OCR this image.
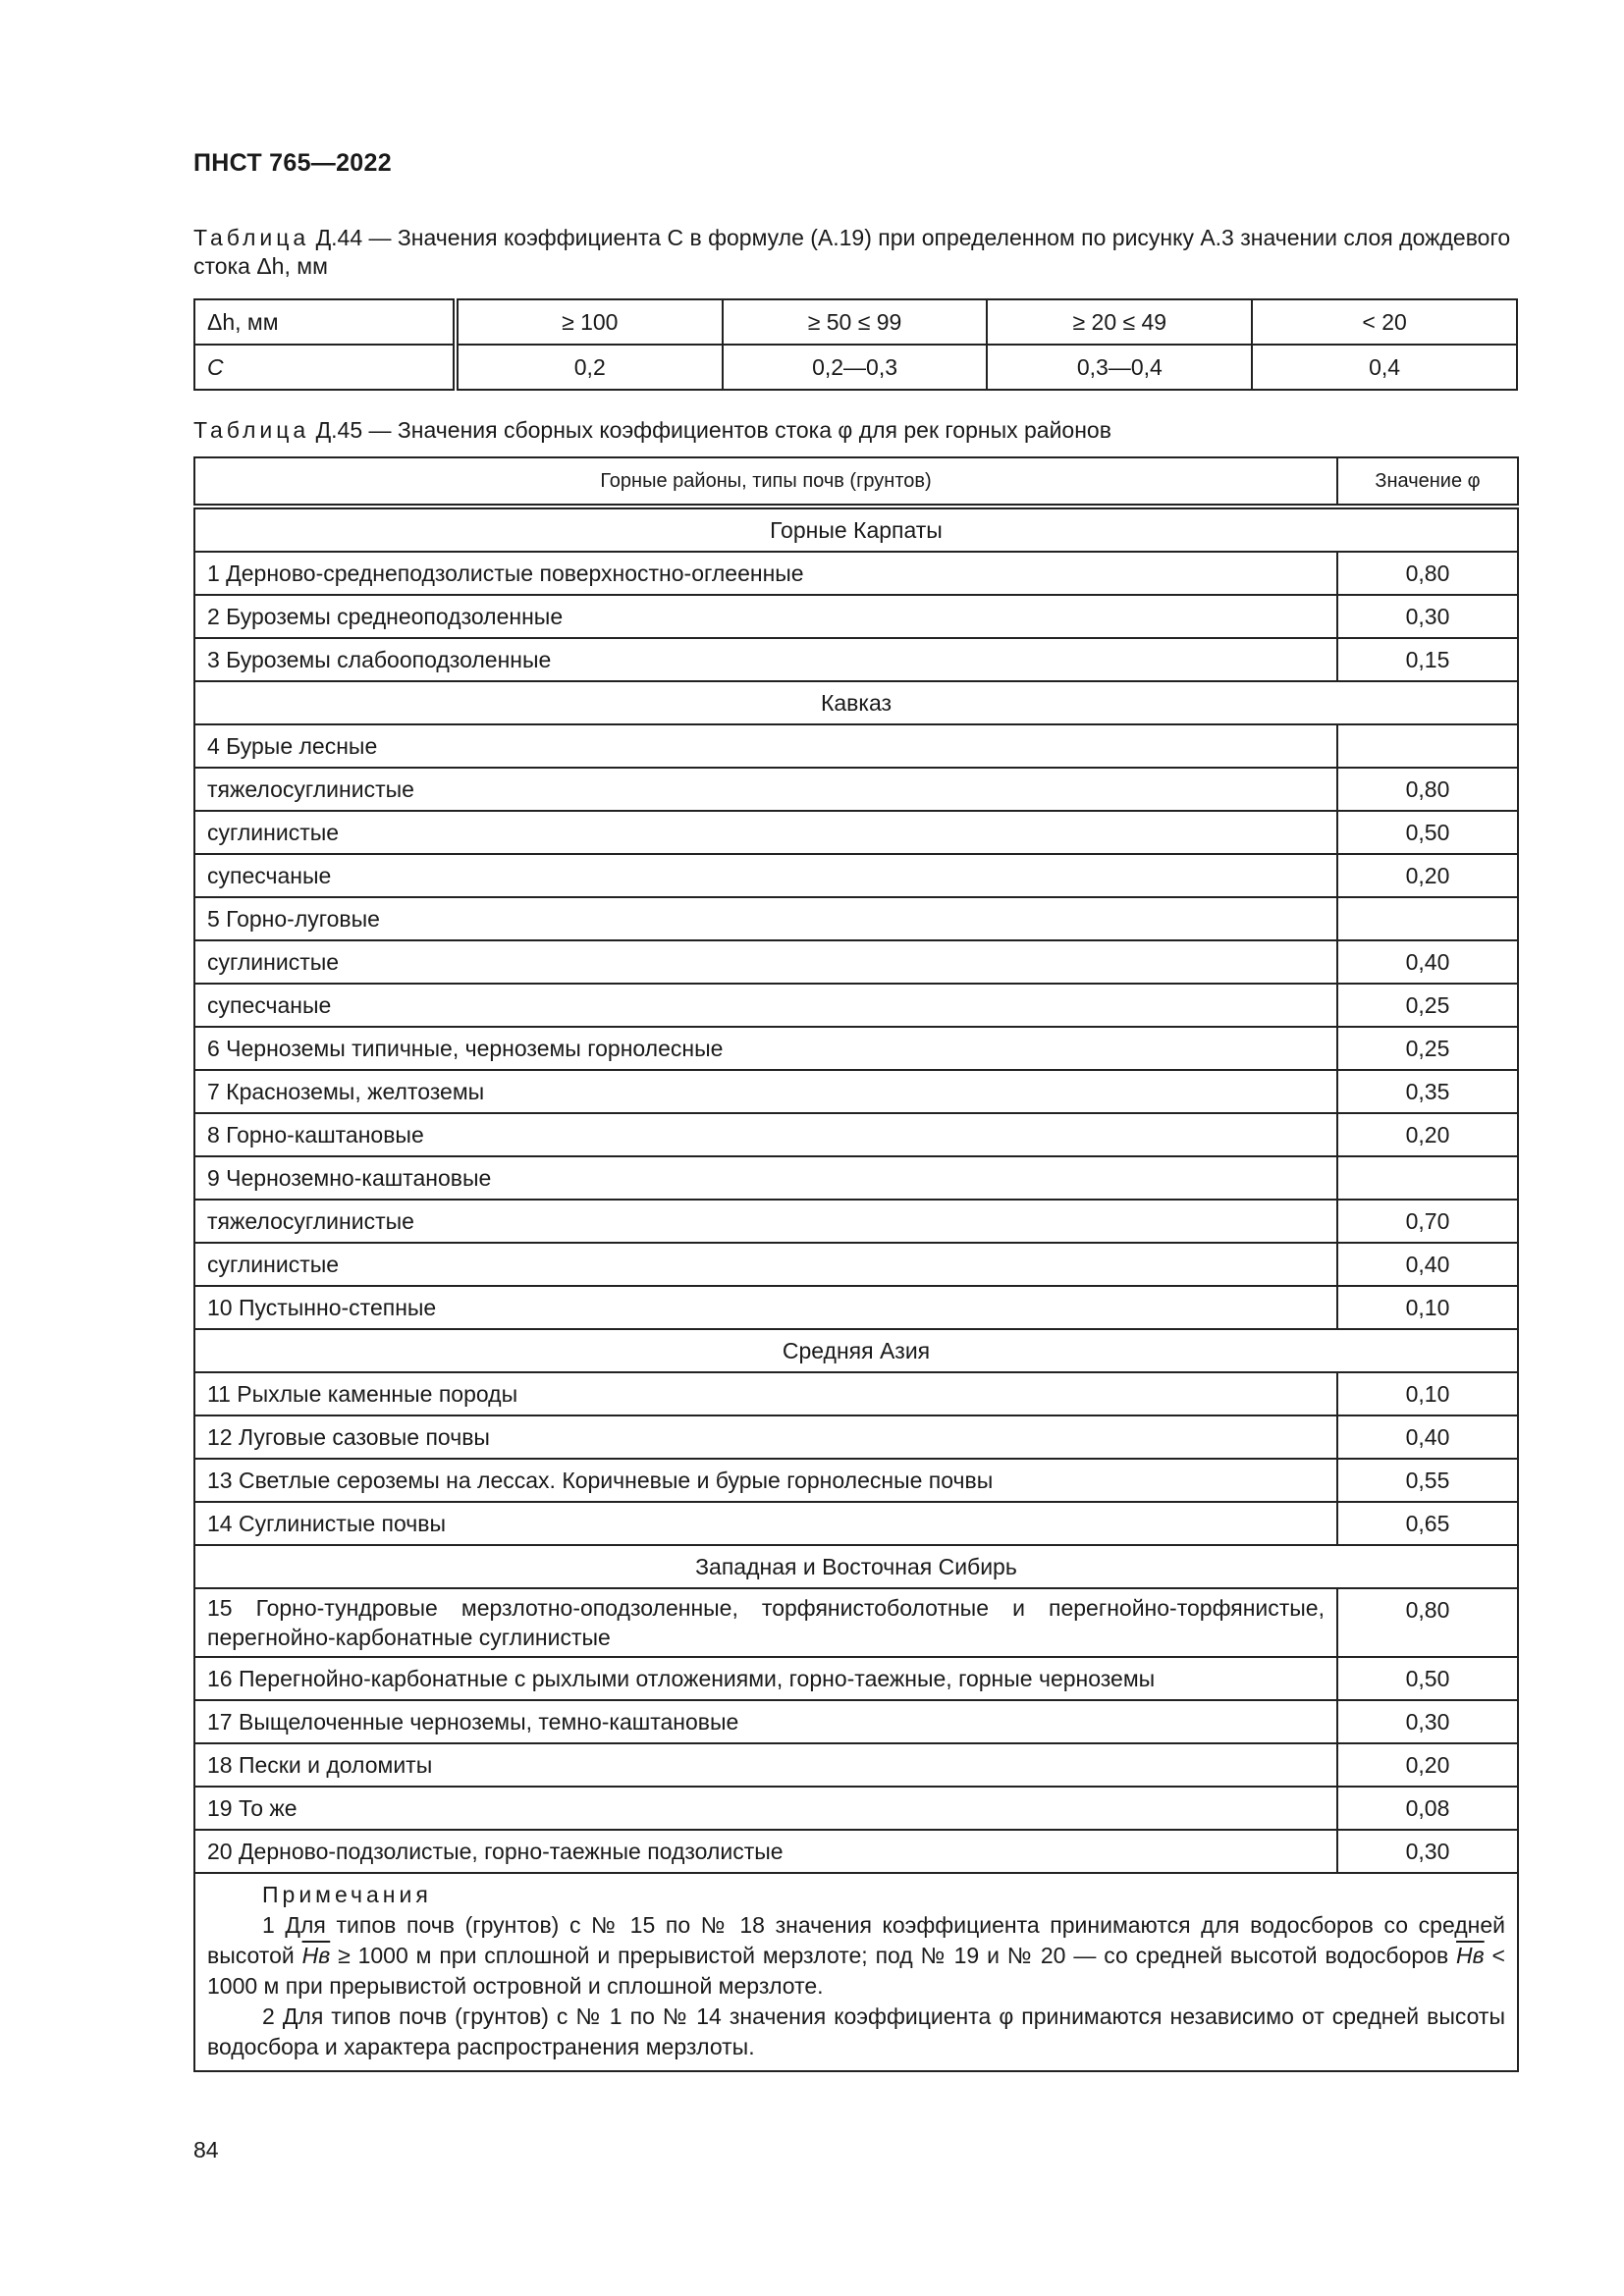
ПНСТ 765—2022
Таблица Д.44 — Значения коэффициента C в формуле (А.19) при определенном по рисунку А.3 значении слоя дождевого стока Δh, мм
Δh, мм	≥ 100	≥ 50 ≤ 99	≥ 20 ≤ 49	< 20
C	0,2	0,2—0,3	0,3—0,4	0,4
Таблица Д.45 — Значения сборных коэффициентов стока φ для рек горных районов
Горные районы, типы почв (грунтов)	Значение φ
Горные Карпаты	
1 Дерново-среднеподзолистые поверхностно-оглеенные	0,80
2 Буроземы среднеоподзоленные	0,30
3 Буроземы слабооподзоленные	0,15
Кавказ	
4 Бурые лесные	
тяжелосуглинистые	0,80
суглинистые	0,50
супесчаные	0,20
5 Горно-луговые	
суглинистые	0,40
супесчаные	0,25
6 Черноземы типичные, черноземы горнолесные	0,25
7 Красноземы, желтоземы	0,35
8 Горно-каштановые	0,20
9 Черноземно-каштановые	
тяжелосуглинистые	0,70
суглинистые	0,40
10 Пустынно-степные	0,10
Средняя Азия	
11 Рыхлые каменные породы	0,10
12 Луговые сазовые почвы	0,40
13 Светлые сероземы на лессах. Коричневые и бурые горнолесные почвы	0,55
14 Суглинистые почвы	0,65
Западная и Восточная Сибирь	
15 Горно-тундровые мерзлотно-оподзоленные, торфянистоболотные и перегнойно-торфянистые, перегнойно-карбонатные суглинистые	0,80
16 Перегнойно-карбонатные с рыхлыми отложениями, горно-таежные, горные черноземы	0,50
17 Выщелоченные черноземы, темно-каштановые	0,30
18 Пески и доломиты	0,20
19 То же	0,08
20 Дерново-подзолистые, горно-таежные подзолистые	0,30

Примечания
1 Для типов почв (грунтов) с № 15 по № 18 значения коэффициента принимаются для водосборов со средней высотой Hв ≥ 1000 м при сплошной и прерывистой мерзлоте; под № 19 и № 20 — со средней высотой водосборов Hв < 1000 м при прерывистой островной и сплошной мерзлоте.
2 Для типов почв (грунтов) с № 1 по № 14 значения коэффициента φ принимаются независимо от средней высоты водосбора и характера распространения мерзлоты.	
84
